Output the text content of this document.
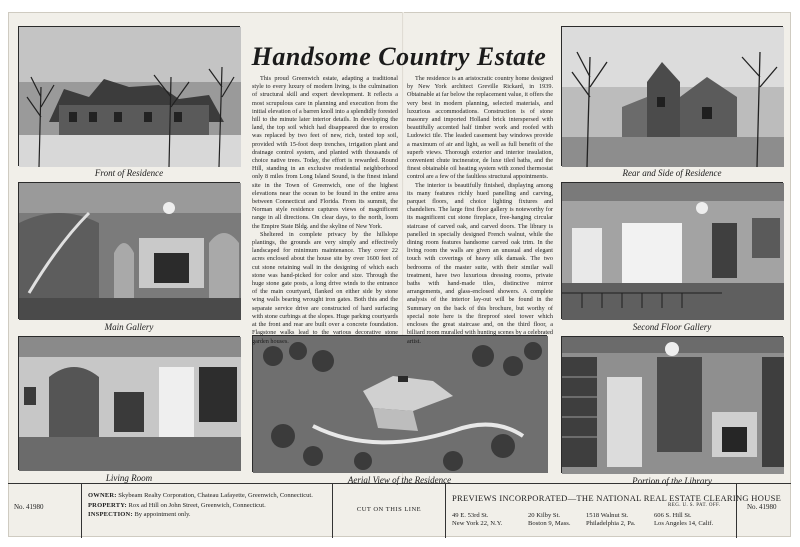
Front of Residence
Main Gallery
Living Room	Aerial View of the Residence
Rear and Side of Residence
Second Floor Gallery
Portion of the Library
Handsome Country Estate

This proud Greenwich estate, adapting a traditional style to every luxury of modern living, is the culmination of structural skill and expert development. It reflects a most scrupulous care in planning and execution from the initial elevation of a barren knoll into a splendidly forested hill to the minute later interior details. In developing the land, the top soil which had disappeared due to erosion was replaced by two feet of new, rich, tested top soil, provided with 15-foot deep trenches, irrigation plant and drainage control system, and planted with thousands of choice native trees. Today, the effort is rewarded. Round Hill, standing in an exclusive residential neighborhood only 8 miles from Long Island Sound, is the finest inland site in the Town of Greenwich, one of the highest elevations near the ocean to be found in the entire area between Connecticut and Florida. From its summit, the Norman style residence captures views of magnificent range in all directions. On clear days, to the north, loom the Empire State Bldg. and the skyline of New York.

Sheltered in complete privacy by the hillslope plantings, the grounds are very simply and effectively landscaped for minimum maintenance. They cover 22 acres enclosed about the house site by over 1600 feet of cut stone retaining wall in the designing of which each stone was hand-picked for color and size. Through the huge stone gate posts, a long drive winds to the entrance of the main courtyard, flanked on either side by stone wing walls bearing wrought iron gates. Both this and the separate service drive are constructed of hard surfacing with stone curbings at the slopes. Huge parking courtyards at the front and rear are built over a concrete foundation. Flagstone walks lead to the various decorative stone garden houses.

The residence is an aristocratic country home designed by New York architect Greville Rickard, in 1939. Obtainable at far below the replacement value, it offers the very best in modern planning, selected materials, and luxurious accommodations. Construction is of stone masonry and imported Holland brick interspersed with beautifully accented half timber work and roofed with Ludowici tile. The leaded casement bay windows provide a maximum of air and light, as well as full benefit of the superb views. Thorough exterior and interior insulation, convenient chute incinerator, de luxe tiled baths, and the finest obtainable oil heating system with zoned thermostat control are a few of the faultless structural appointments.

The interior is beautifully finished, displaying among its many features richly hued panelling and carving, parquet floors, and choice lighting fixtures and chandeliers. The large first floor gallery is noteworthy for its magnificent cut stone fireplace, free-hanging circular staircase of carved oak, and carved doors. The library is panelled in specially designed French walnut, while the dining room features handsome carved oak trim. In the living room the walls are given an unusual and elegant touch with coverings of heavy silk damask. The two bedrooms of the master suite, with their similar wall treatment, have two luxurious dressing rooms, private baths with hand-made tiles, distinctive mirror arrangements, and glass-enclosed showers. A complete analysis of the interior lay-out will be found in the Summary on the back of this brochure, but worthy of special note here is the fireproof steel tower which encloses the great staircase and, on the third floor, a billiard room muralled with hunting scenes by a celebrated artist.

No. 41980
OWNER: Skybeam Realty Corporation, Chateau Lafayette, Greenwich, Connecticut.
PROPERTY: Rox ad Hill on John Street, Greenwich, Connecticut.
INSPECTION: By appointment only.
CUT ON THIS LINE
PREVIEWS INCORPORATED—THE NATIONAL REAL ESTATE CLEARING HOUSE
REG. U. S. PAT. OFF.
49 E. 53rd St.
New York 22, N.Y.
20 Kilby St.
Boston 9, Mass.
1518 Walnut St.
Philadelphia 2, Pa.
606 S. Hill St.
Los Angeles 14, Calif.
No. 41980
